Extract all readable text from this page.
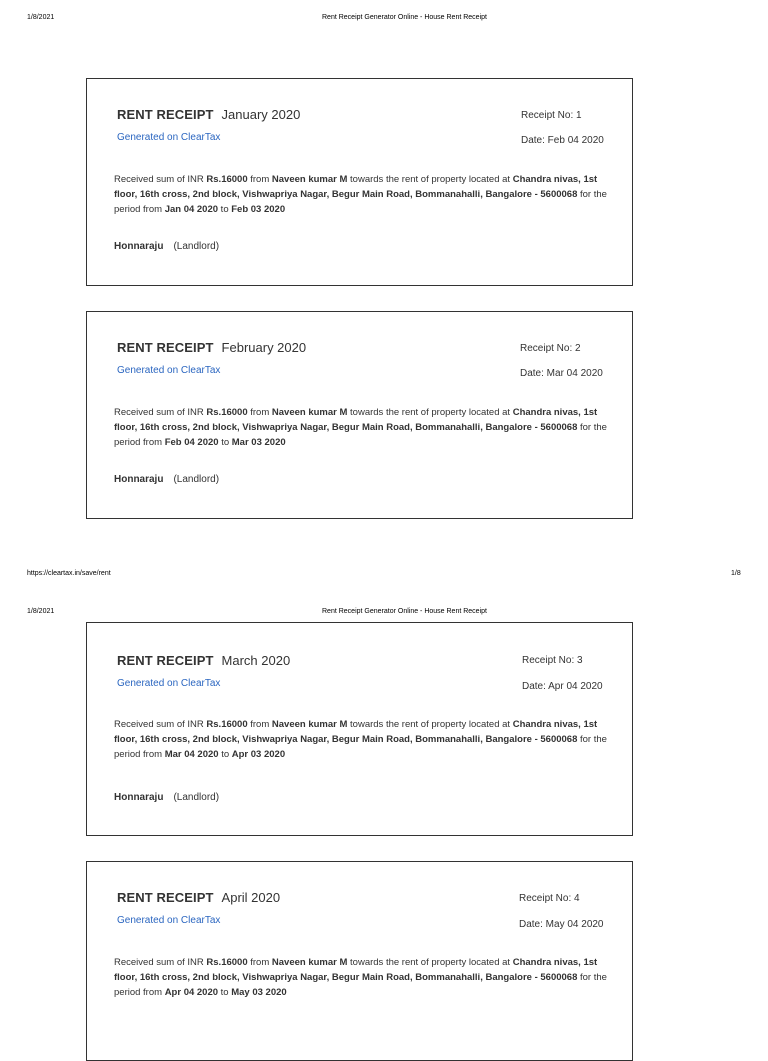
1/8/2021	Rent Receipt Generator Online - House Rent Receipt
RENT RECEIPT January 2020
Generated on ClearTax
Receipt No: 1
Date: Feb 04 2020
Received sum of INR Rs.16000 from Naveen kumar M towards the rent of property located at Chandra nivas, 1st floor, 16th cross, 2nd block, Vishwapriya Nagar, Begur Main Road, Bommanahalli, Bangalore - 5600068 for the period from Jan 04 2020 to Feb 03 2020
Honnaraju (Landlord)
RENT RECEIPT February 2020
Generated on ClearTax
Receipt No: 2
Date: Mar 04 2020
Received sum of INR Rs.16000 from Naveen kumar M towards the rent of property located at Chandra nivas, 1st floor, 16th cross, 2nd block, Vishwapriya Nagar, Begur Main Road, Bommanahalli, Bangalore - 5600068 for the period from Feb 04 2020 to Mar 03 2020
Honnaraju (Landlord)
https://cleartax.in/save/rent	1/8
1/8/2021	Rent Receipt Generator Online - House Rent Receipt
RENT RECEIPT March 2020
Generated on ClearTax
Receipt No: 3
Date: Apr 04 2020
Received sum of INR Rs.16000 from Naveen kumar M towards the rent of property located at Chandra nivas, 1st floor, 16th cross, 2nd block, Vishwapriya Nagar, Begur Main Road, Bommanahalli, Bangalore - 5600068 for the period from Mar 04 2020 to Apr 03 2020
Honnaraju (Landlord)
RENT RECEIPT April 2020
Generated on ClearTax
Receipt No: 4
Date: May 04 2020
Received sum of INR Rs.16000 from Naveen kumar M towards the rent of property located at Chandra nivas, 1st floor, 16th cross, 2nd block, Vishwapriya Nagar, Begur Main Road, Bommanahalli, Bangalore - 5600068 for the period from Apr 04 2020 to May 03 2020
